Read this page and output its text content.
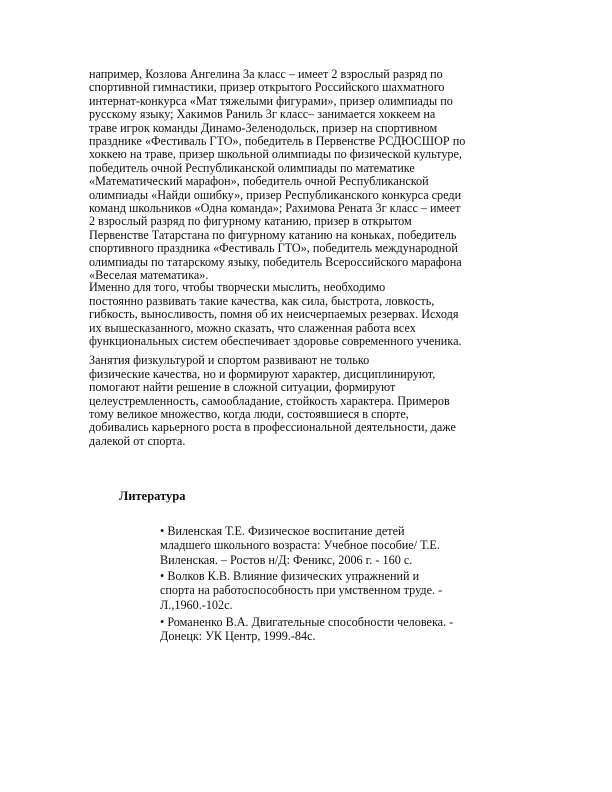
например, Козлова Ангелина 3а класс – имеет 2 взрослый разряд по
спортивной гимнастики, призер открытого Российского шахматного
интернат-конкурса «Мат тяжелыми фигурами», призер олимпиады по
русскому языку; Хакимов Раниль 3г класс– занимается хоккеем на
траве игрок команды Динамо-Зеленодольск, призер на спортивном
празднике «Фестиваль ГТО», победитель в Первенстве РСДЮСШОР по
хоккею на траве, призер школьной олимпиады по физической культуре,
победитель очной Республиканской олимпиады по математике
«Математический марафон», победитель очной Республиканской
олимпиады «Найди ошибку», призер Республиканского конкурса среди
команд школьников «Одна команда»; Рахимова Рената 3г класс – имеет
2 взрослый разряд по фигурному катанию, призер в открытом
Первенстве Татарстана по фигурному катанию на коньках, победитель
спортивного праздника «Фестиваль ГТО», победитель международной
олимпиады по татарскому языку, победитель Всероссийского марафона
«Веселая математика».

Именно для того, чтобы творчески мыслить, необходимо
постоянно развивать такие качества, как сила, быстрота, ловкость,
гибкость, выносливость, помня об их неисчерпаемых резервах. Исходя
их вышесказанного, можно сказать, что слаженная работа всех
функциональных систем обеспечивает здоровье современного ученика.

Занятия физкультурой и спортом развивают не только
физические качества, но и формируют характер, дисциплинируют,
помогают найти решение в сложной ситуации, формируют
целеустремленность, самообладание, стойкость характера. Примеров
тому великое множество, когда люди, состоявшиеся в спорте,
добивались карьерного роста в профессиональной деятельности, даже
далекой от спорта.

Литература

• Виленская Т.Е. Физическое воспитание детей
младшего школьного возраста: Учебное пособие/ Т.Е.
Виленская. – Ростов н/Д: Феникс, 2006 г. - 160 с.

• Волков К.В. Влияние физических упражнений и
спорта на работоспособность при умственном труде. -
Л.,1960.-102с.

• Романенко В.А. Двигательные способности человека. -
Донецк: УК Центр, 1999.-84с.
